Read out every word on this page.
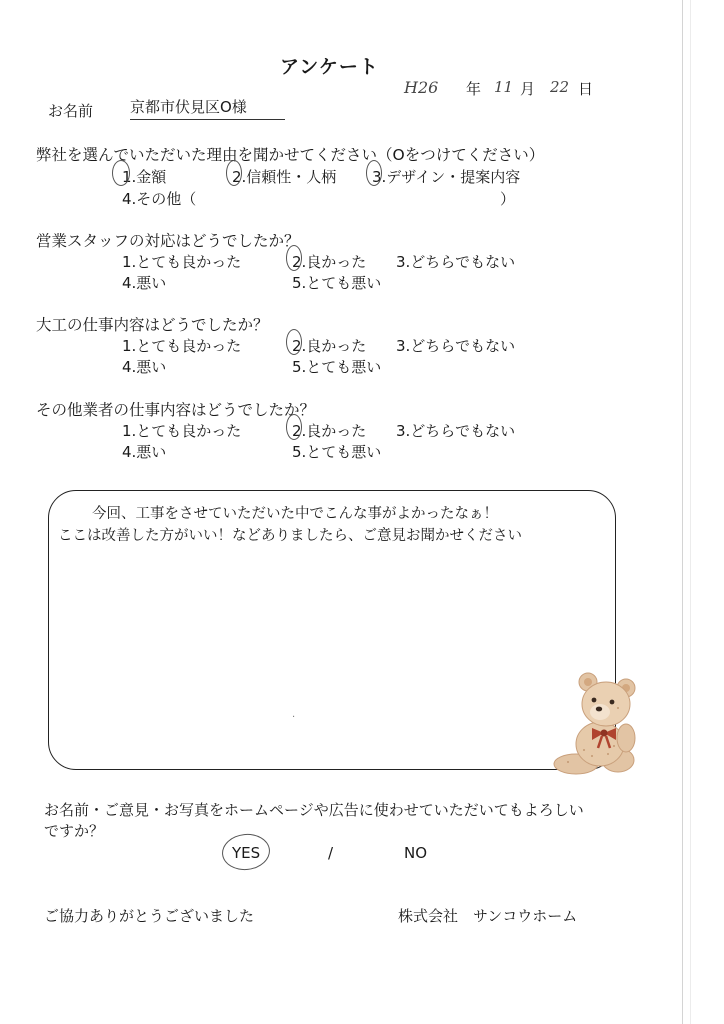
アンケート
H26 年 11 月 22 日
お名前 京都市伏見区O様
弊社を選んでいただいた理由を聞かせてください（Oをつけてください）
1.金額	2.信頼性・人柄 3.デザイン・提案内容
4.その他（	）
営業スタッフの対応はどうでしたか？
1.とても良かった	2.良かった 3.どちらでもない
4.悪い	5.とても悪い
大工の仕事内容はどうでしたか？
1.とても良かった	2.良かった 3.どちらでもない
4.悪い	5.とても悪い
その他業者の仕事内容はどうでしたか？
1.とても良かった	2.良かった 3.どちらでもない
4.悪い	5.とても悪い
今回、工事をさせていただいた中でこんな事がよかったなぁ！
ここは改善した方がいい！などありましたら、ご意見お聞かせください
·
お名前・ご意見・お写真をホームページや広告に使わせていただいてもよろしい
ですか？
YES	/	NO
ご協力ありがとうございました	株式会社　サンコウホーム
